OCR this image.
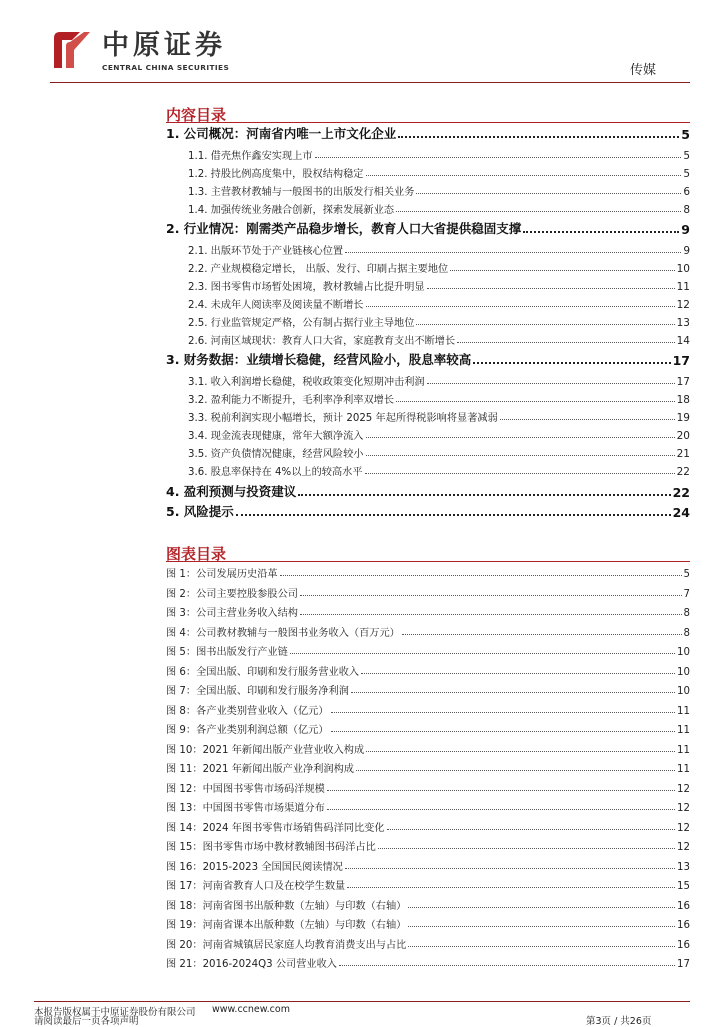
中原证券
CENTRAL CHINA SECURITIES	传媒
内容目录
1. 公司概况：河南省内唯一上市文化企业	5
1.1. 借壳焦作鑫安实现上市	5
1.2. 持股比例高度集中，股权结构稳定	5
1.3. 主营教材教辅与一般图书的出版发行相关业务	6
1.4. 加强传统业务融合创新，探索发展新业态	8
2. 行业情况：刚需类产品稳步增长，教育人口大省提供稳固支撑	9
2.1. 出版环节处于产业链核心位置	9
2.2. 产业规模稳定增长， 出版、发行、印刷占据主要地位	10
2.3. 图书零售市场暂处困境，教材教辅占比提升明显	11
2.4. 未成年人阅读率及阅读量不断增长	12
2.5. 行业监管规定严格，公有制占据行业主导地位	13
2.6. 河南区域现状：教育人口大省，家庭教育支出不断增长	14
3. 财务数据：业绩增长稳健，经营风险小，股息率较高	17
3.1. 收入利润增长稳健，税收政策变化短期冲击利润	17
3.2. 盈利能力不断提升，毛利率净利率双增长	18
3.3. 税前利润实现小幅增长，预计 2025 年起所得税影响将显著减弱	19
3.4. 现金流表现健康，常年大额净流入	20
3.5. 资产负债情况健康，经营风险较小	21
3.6. 股息率保持在 4%以上的较高水平	22
4. 盈利预测与投资建议	22
5. 风险提示	24
图表目录
图 1：公司发展历史沿革	5
图 2：公司主要控股参股公司	7
图 3：公司主营业务收入结构	8
图 4：公司教材教辅与一般图书业务收入（百万元）	8
图 5：图书出版发行产业链	10
图 6：全国出版、印刷和发行服务营业收入	10
图 7：全国出版、印刷和发行服务净利润	10
图 8：各产业类别营业收入（亿元）	11
图 9：各产业类别利润总额（亿元）	11
图 10：2021 年新闻出版产业营业收入构成	11
图 11：2021 年新闻出版产业净利润构成	11
图 12：中国图书零售市场码洋规模	12
图 13：中国图书零售市场渠道分布	12
图 14：2024 年图书零售市场销售码洋同比变化	12
图 15：图书零售市场中教材教辅图书码洋占比	12
图 16：2015-2023 全国国民阅读情况	13
图 17：河南省教育人口及在校学生数量	15
图 18：河南省图书出版种数（左轴）与印数（右轴）	16
图 19：河南省课本出版种数（左轴）与印数（右轴）	16
图 20：河南省城镇居民家庭人均教育消费支出与占比	16
图 21：2016-2024Q3 公司营业收入	17
本报告版权属于中原证券股份有限公司 www.ccnew.com
请阅读最后一页各项声明	第3页 / 共26页
